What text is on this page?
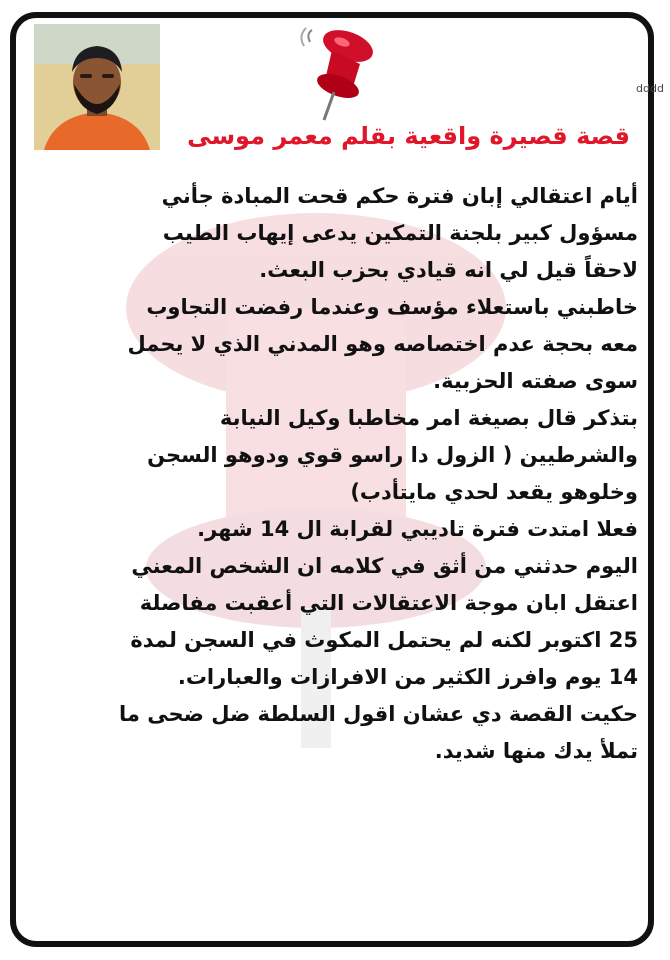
dddd
قصة قصيرة واقعية بقلم معمر موسى

أيام اعتقالي إبان فترة حكم قحت المبادة جأني

مسؤول كبير بلجنة التمكين يدعى إيهاب الطيب

لاحقاً قيل لي انه قيادي بحزب البعث.

خاطبني باستعلاء مؤسف وعندما رفضت التجاوب

معه بحجة عدم اختصاصه وهو المدني الذي لا يحمل

سوى صفته الحزبية.

بتذكر قال بصيغة امر مخاطبا وكيل النيابة

والشرطيين ( الزول دا راسو قوي ودوهو السجن

وخلوهو يقعد لحدي مايتأدب)

فعلا امتدت فترة تاديبي لقرابة ال 14 شهر.

اليوم حدثني من أثق في كلامه ان الشخص المعني

اعتقل ابان موجة الاعتقالات التي أعقبت مفاصلة

25 اكتوبر لكنه لم يحتمل المكوث في السجن لمدة

14 يوم وافرز الكثير من الافرازات والعبارات.

حكيت القصة دي عشان اقول السلطة ضل ضحى ما

تملأ يدك منها شديد.
